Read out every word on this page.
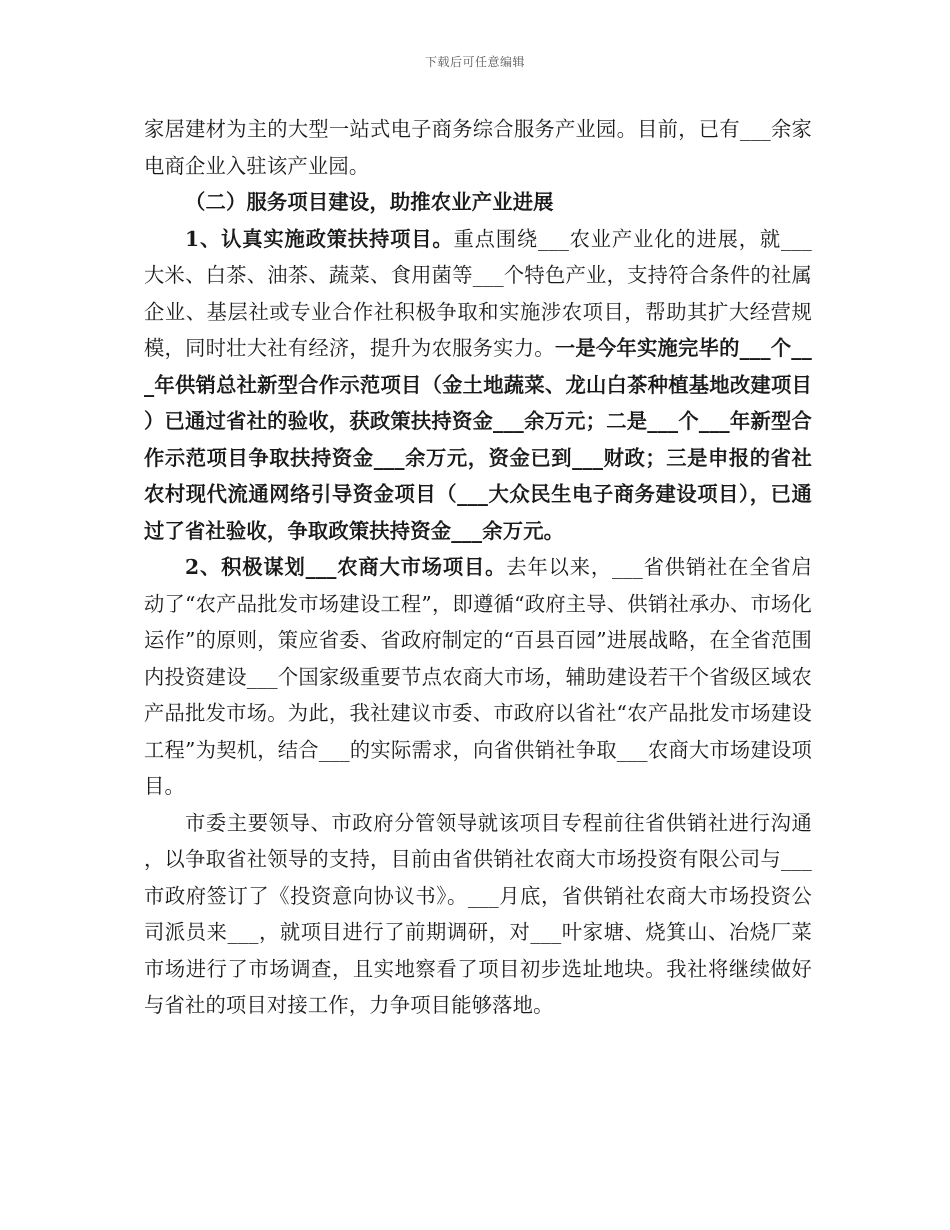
下载后可任意编辑

家居建材为主的大型一站式电子商务综合服务产业园。目前，已有___余家电商企业入驻该产业园。

（二）服务项目建设，助推农业产业进展

1、认真实施政策扶持项目。重点围绕___农业产业化的进展，就___大米、白茶、油茶、蔬菜、食用菌等___个特色产业，支持符合条件的社属企业、基层社或专业合作社积极争取和实施涉农项目，帮助其扩大经营规模，同时壮大社有经济，提升为农服务实力。一是今年实施完毕的___个___年供销总社新型合作示范项目（金土地蔬菜、龙山白茶种植基地改建项目）已通过省社的验收，获政策扶持资金___余万元；二是___个___年新型合作示范项目争取扶持资金___余万元，资金已到___财政；三是申报的省社农村现代流通网络引导资金项目（___大众民生电子商务建设项目），已通过了省社验收，争取政策扶持资金___余万元。

2、积极谋划___农商大市场项目。去年以来，___省供销社在全省启动了“农产品批发市场建设工程”，即遵循“政府主导、供销社承办、市场化运作”的原则，策应省委、省政府制定的“百县百园”进展战略，在全省范围内投资建设___个国家级重要节点农商大市场，辅助建设若干个省级区域农产品批发市场。为此，我社建议市委、市政府以省社“农产品批发市场建设工程”为契机，结合___的实际需求，向省供销社争取___农商大市场建设项目。

市委主要领导、市政府分管领导就该项目专程前往省供销社进行沟通，以争取省社领导的支持，目前由省供销社农商大市场投资有限公司与___市政府签订了《投资意向协议书》。___月底，省供销社农商大市场投资公司派员来___，就项目进行了前期调研，对___叶家塘、烧箕山、冶烧厂菜市场进行了市场调查，且实地察看了项目初步选址地块。我社将继续做好与省社的项目对接工作，力争项目能够落地。
